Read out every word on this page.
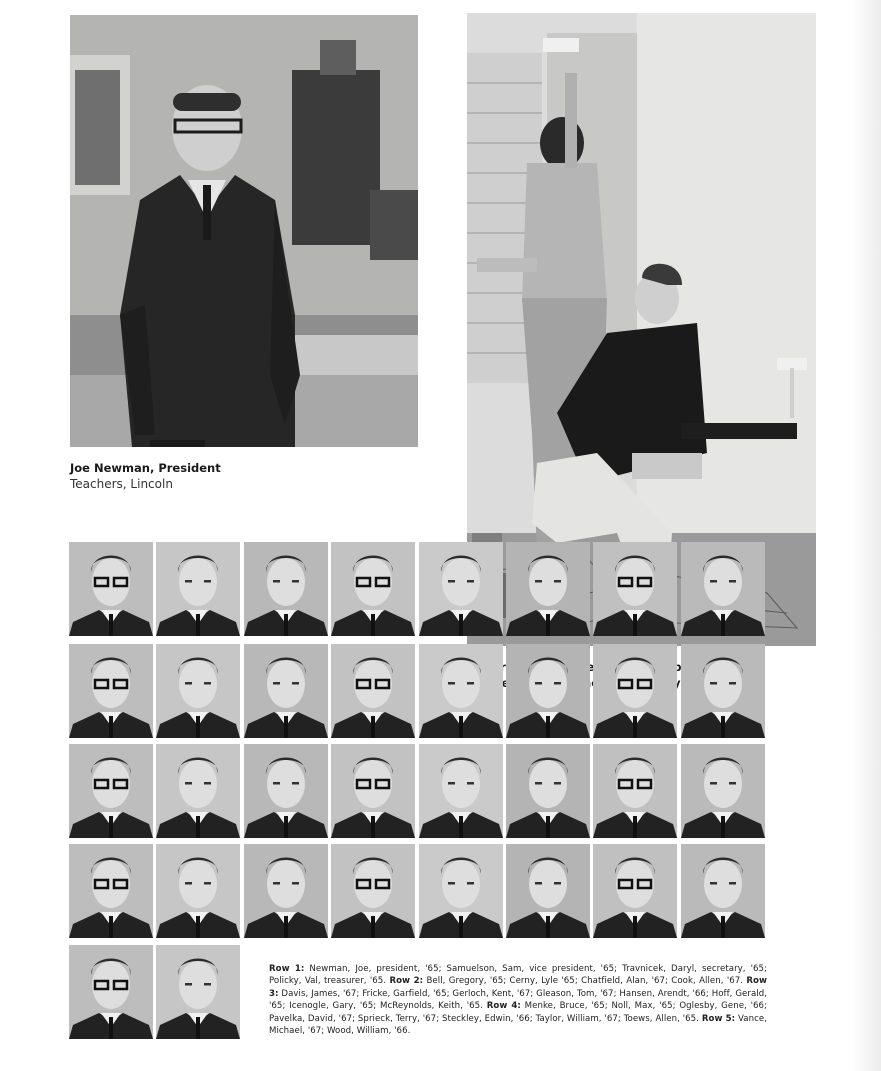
Joe Newman, President
Teachers, Lincoln
Decorating
Row 1: Newman, Joe, president, '65; Samuelson, Sam, vice president, '65; Travnicek, Daryl, secretary, '65; Policky, Val, treasurer, '65. Row 2: Bell, Gregory, '65; Cerny, Lyle '65; Chatfield, Alan, '67; Cook, Allen, '67. Row 3: Davis, James, '67; Fricke, Garfield, '65; Gerloch, Kent, '67; Gleason, Tom, '67; Hansen, Arendt, '66; Hoff, Gerald, '65; Icenogle, Gary, '65; McReynolds, Keith, '65. Row 4: Menke, Bruce, '65; Noll, Max, '65; Oglesby, Gene, '66; Pavelka, David, '67; Sprieck, Terry, '67; Steckley, Edwin, '66; Taylor, William, '67; Toews, Allen, '65. Row 5: Vance, Michael, '67; Wood, William, '66.
